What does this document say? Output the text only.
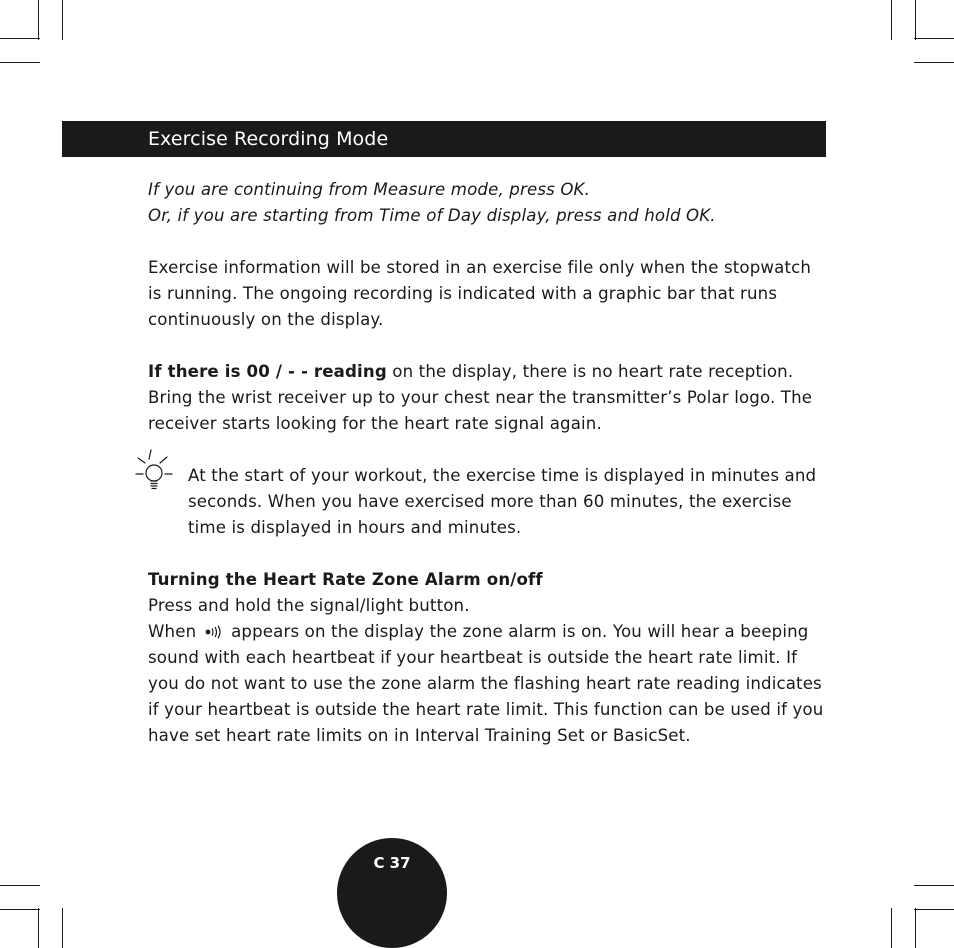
Exercise Recording Mode

If you are continuing from Measure mode, press OK.

Or, if you are starting from Time of Day display, press and hold OK.

Exercise information will be stored in an exercise file only when the stopwatch is running. The ongoing recording is indicated with a graphic bar that runs continuously on the display.

If there is 00 / - - reading on the display, there is no heart rate reception. Bring the wrist receiver up to your chest near the transmitter’s Polar logo. The receiver starts looking for the heart rate signal again.

At the start of your workout, the exercise time is displayed in minutes and seconds. When you have exercised more than 60 minutes, the exercise time is displayed in hours and minutes.

Turning the Heart Rate Zone Alarm on/off

Press and hold the signal/light button.

When  appears on the display the zone alarm is on. You will hear a beeping sound with each heartbeat if your heartbeat is outside the heart rate limit. If you do not want to use the zone alarm the flashing heart rate reading indicates if your heartbeat is outside the heart rate limit. This function can be used if you have set heart rate limits on in Interval Training Set or BasicSet.

C 37
